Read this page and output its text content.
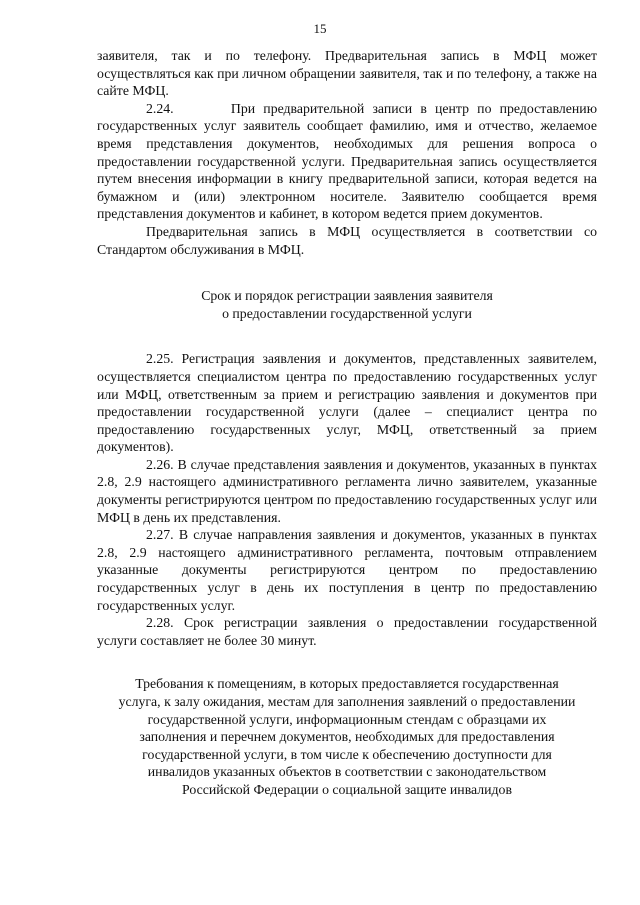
15

заявителя, так и по телефону. Предварительная запись в МФЦ может осуществляться как при личном обращении заявителя, так и по телефону, а также на сайте МФЦ.

2.24.       При предварительной записи в центр по предоставлению государственных услуг заявитель сообщает фамилию, имя и отчество, желаемое время представления документов, необходимых для решения вопроса о предоставлении государственной услуги. Предварительная запись осуществляется путем внесения информации в книгу предварительной записи, которая ведется на бумажном и (или) электронном носителе. Заявителю сообщается время представления документов и кабинет, в котором ведется прием документов.

Предварительная запись в МФЦ осуществляется в соответствии со Стандартом обслуживания в МФЦ.

Срок и порядок регистрации заявления заявителя

о предоставлении государственной услуги

2.25. Регистрация заявления и документов, представленных заявителем, осуществляется специалистом центра по предоставлению государственных услуг или МФЦ, ответственным за прием и регистрацию заявления и документов при предоставлении государственной услуги (далее – специалист центра по предоставлению государственных услуг, МФЦ, ответственный за прием документов).

2.26. В случае представления заявления и документов, указанных в пунктах 2.8, 2.9 настоящего административного регламента лично заявителем, указанные документы регистрируются центром по предоставлению государственных услуг или МФЦ в день их представления.

2.27. В случае направления заявления и документов, указанных в пунктах 2.8, 2.9 настоящего административного регламента, почтовым отправлением указанные документы регистрируются центром по предоставлению государственных услуг в день их поступления в центр по предоставлению государственных услуг.

2.28. Срок регистрации заявления о предоставлении государственной услуги составляет не более 30 минут.

Требования к помещениям, в которых предоставляется государственная

услуга, к залу ожидания, местам для заполнения заявлений о предоставлении

государственной услуги, информационным стендам с образцами их

заполнения и перечнем документов, необходимых для предоставления

государственной услуги, в том числе к обеспечению доступности для

инвалидов указанных объектов в соответствии с законодательством

Российской Федерации о социальной защите инвалидов
